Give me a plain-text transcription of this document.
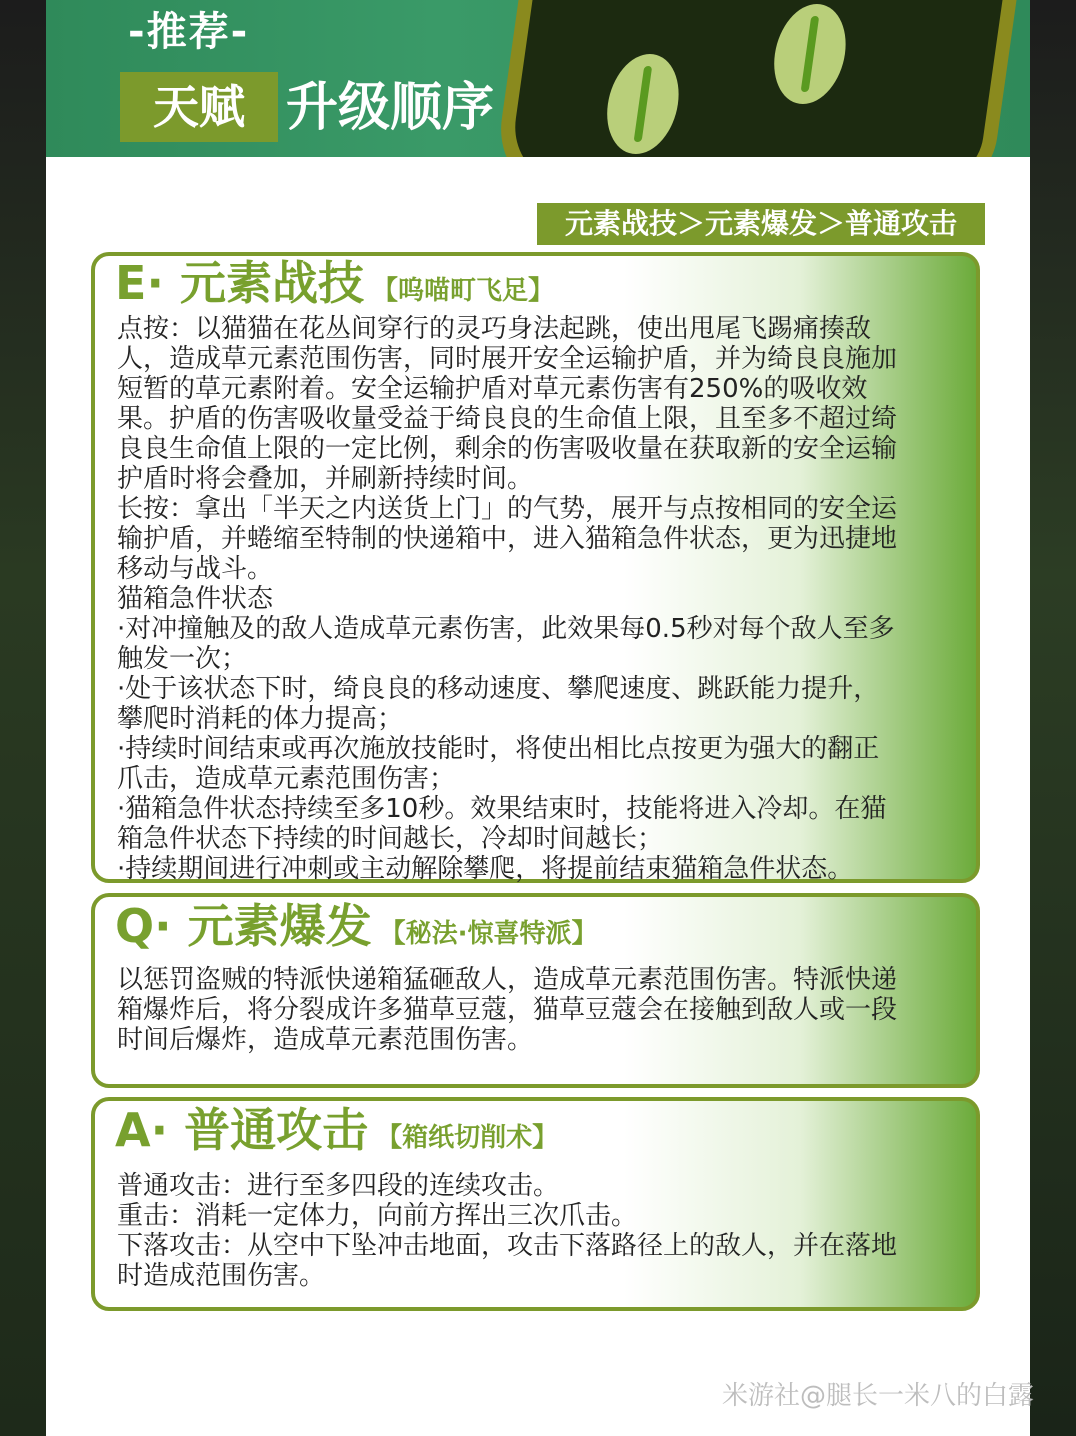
-推荐-
天赋 升级顺序
元素战技＞元素爆发＞普通攻击
E· 元素战技 【呜喵町飞足】
点按：以猫猫在花丛间穿行的灵巧身法起跳，使出甩尾飞踢痛揍敌
人，造成草元素范围伤害，同时展开安全运输护盾，并为绮良良施加
短暂的草元素附着。安全运输护盾对草元素伤害有250%的吸收效
果。护盾的伤害吸收量受益于绮良良的生命值上限，且至多不超过绮
良良生命值上限的一定比例，剩余的伤害吸收量在获取新的安全运输
护盾时将会叠加，并刷新持续时间。
长按：拿出「半天之内送货上门」的气势，展开与点按相同的安全运
输护盾，并蜷缩至特制的快递箱中，进入猫箱急件状态，更为迅捷地
移动与战斗。
猫箱急件状态
·对冲撞触及的敌人造成草元素伤害，此效果每0.5秒对每个敌人至多
触发一次；
·处于该状态下时，绮良良的移动速度、攀爬速度、跳跃能力提升，
攀爬时消耗的体力提高；
·持续时间结束或再次施放技能时，将使出相比点按更为强大的翻正
爪击，造成草元素范围伤害；
·猫箱急件状态持续至多10秒。效果结束时，技能将进入冷却。在猫
箱急件状态下持续的时间越长，冷却时间越长；
·持续期间进行冲刺或主动解除攀爬，将提前结束猫箱急件状态。
Q· 元素爆发 【秘法·惊喜特派】
以惩罚盗贼的特派快递箱猛砸敌人，造成草元素范围伤害。特派快递
箱爆炸后，将分裂成许多猫草豆蔻，猫草豆蔻会在接触到敌人或一段
时间后爆炸，造成草元素范围伤害。
A· 普通攻击 【箱纸切削术】
普通攻击：进行至多四段的连续攻击。
重击：消耗一定体力，向前方挥出三次爪击。
下落攻击：从空中下坠冲击地面，攻击下落路径上的敌人，并在落地
时造成范围伤害。
米游社@腿长一米八的白露
